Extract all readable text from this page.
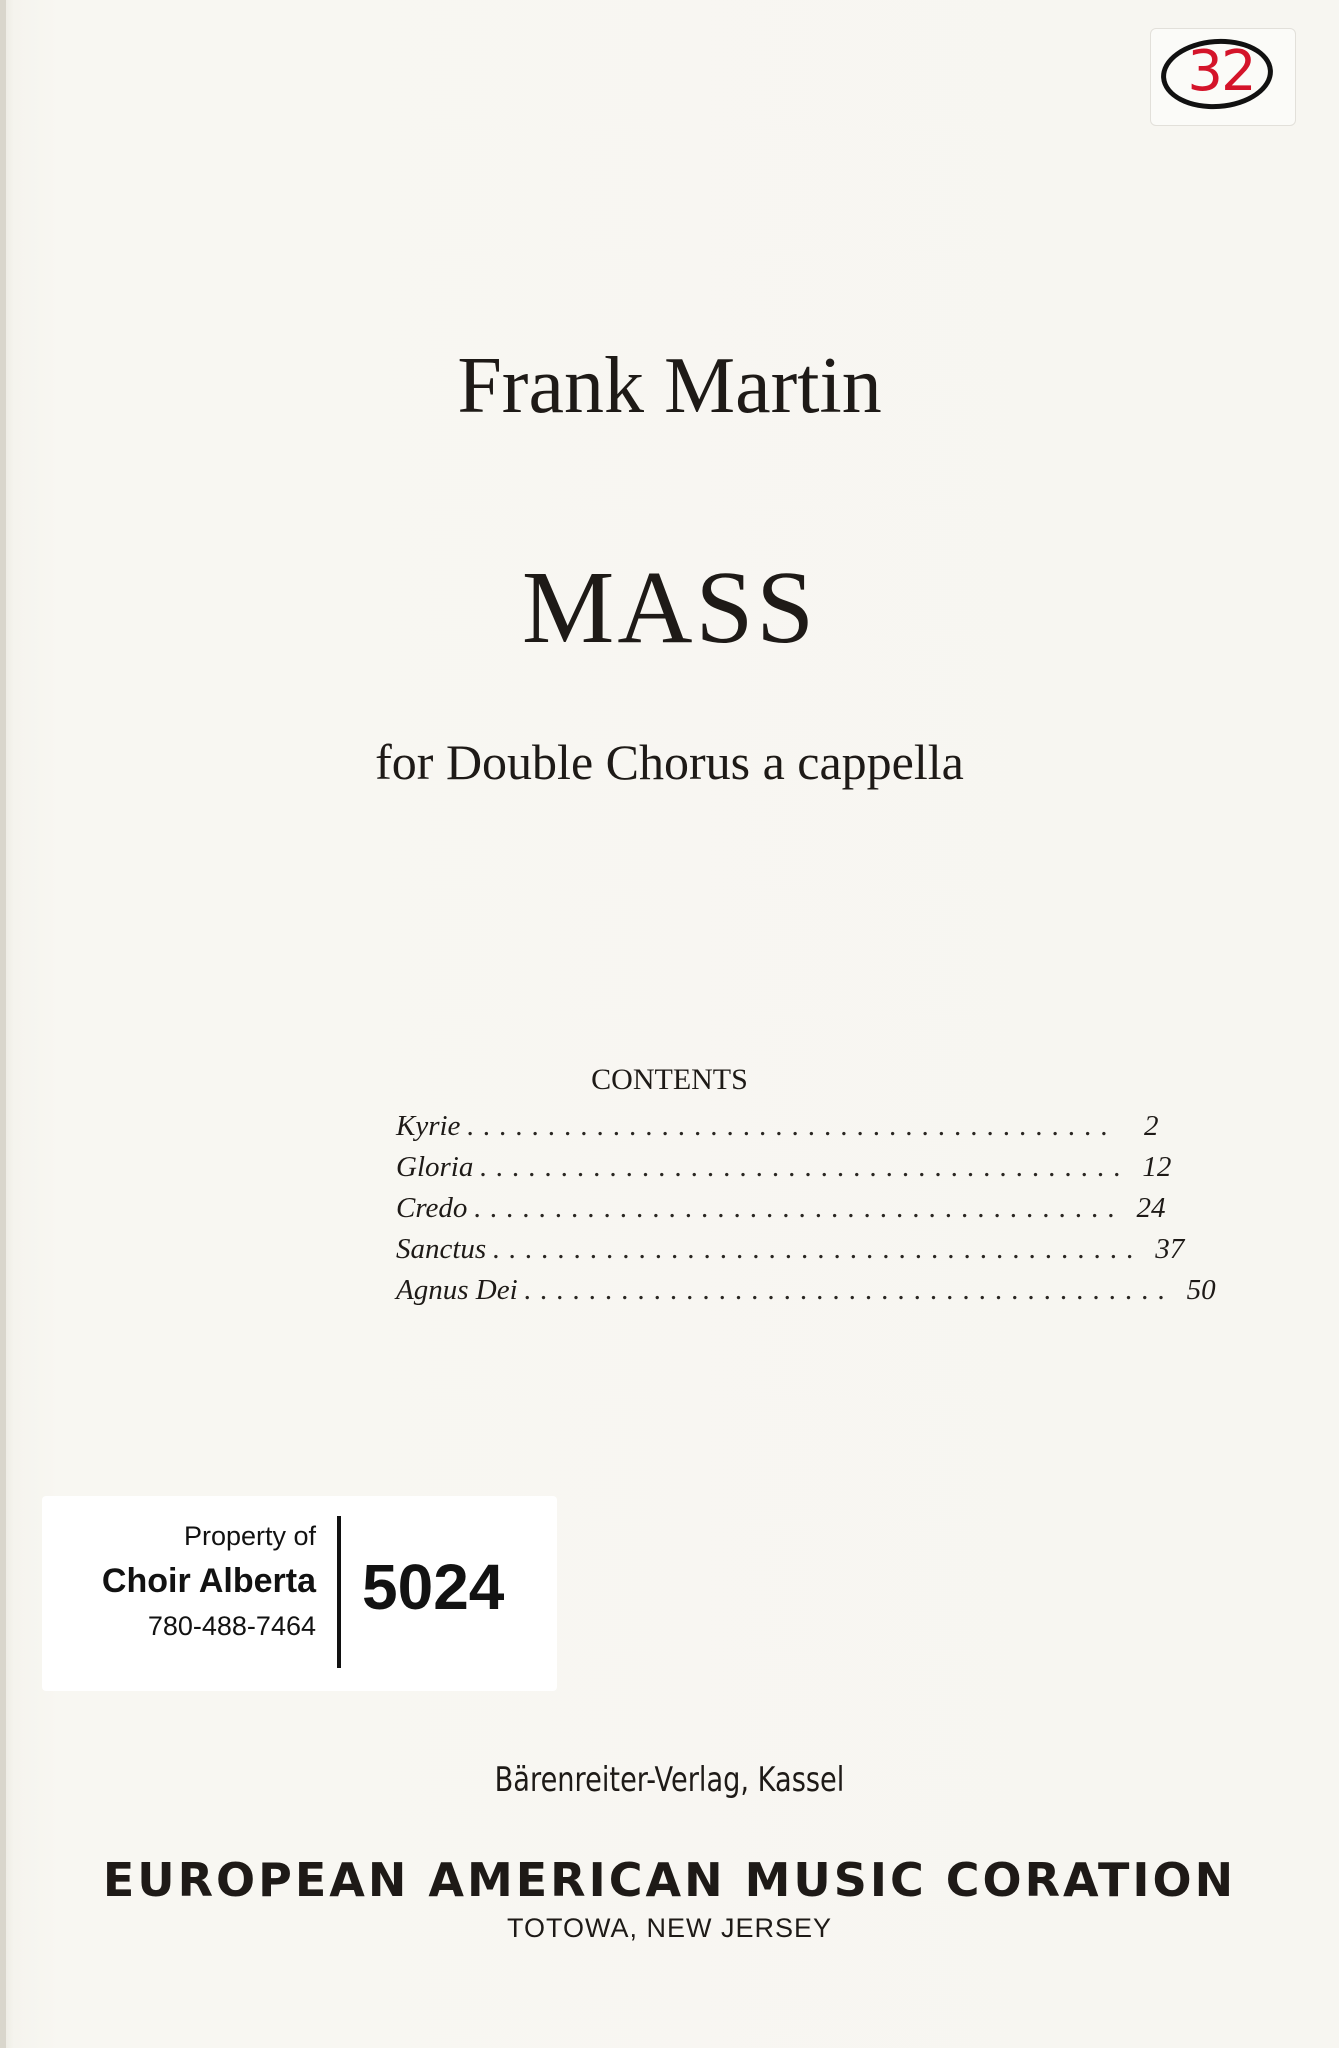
32
Frank Martin
MASS
for Double Chorus a cappella
CONTENTS
Kyrie ........................................ 2
Gloria ........................................ 12
Credo ........................................ 24
Sanctus ........................................ 37
Agnus Dei ........................................ 50
Property of
Choir Alberta
780-488-7464
5024
Bärenreiter-Verlag, Kassel
EUROPEAN AMERICAN MUSIC CORATION
TOTOWA, NEW JERSEY
